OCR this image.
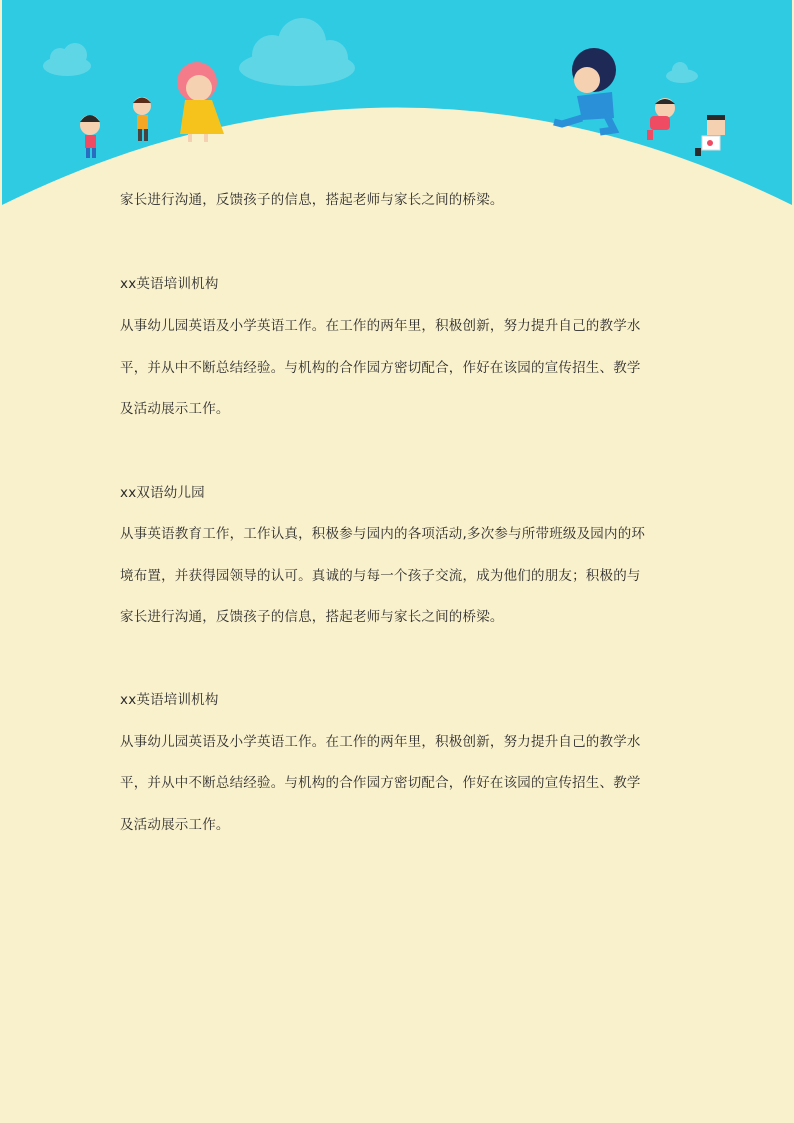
家长进行沟通，反馈孩子的信息，搭起老师与家长之间的桥梁。
xx英语培训机构
从事幼儿园英语及小学英语工作。在工作的两年里，积极创新，努力提升自己的教学水
平，并从中不断总结经验。与机构的合作园方密切配合，作好在该园的宣传招生、教学
及活动展示工作。
xx双语幼儿园
从事英语教育工作，工作认真，积极参与园内的各项活动,多次参与所带班级及园内的环
境布置，并获得园领导的认可。真诚的与每一个孩子交流，成为他们的朋友；积极的与
家长进行沟通，反馈孩子的信息，搭起老师与家长之间的桥梁。
xx英语培训机构
从事幼儿园英语及小学英语工作。在工作的两年里，积极创新，努力提升自己的教学水
平，并从中不断总结经验。与机构的合作园方密切配合，作好在该园的宣传招生、教学
及活动展示工作。
